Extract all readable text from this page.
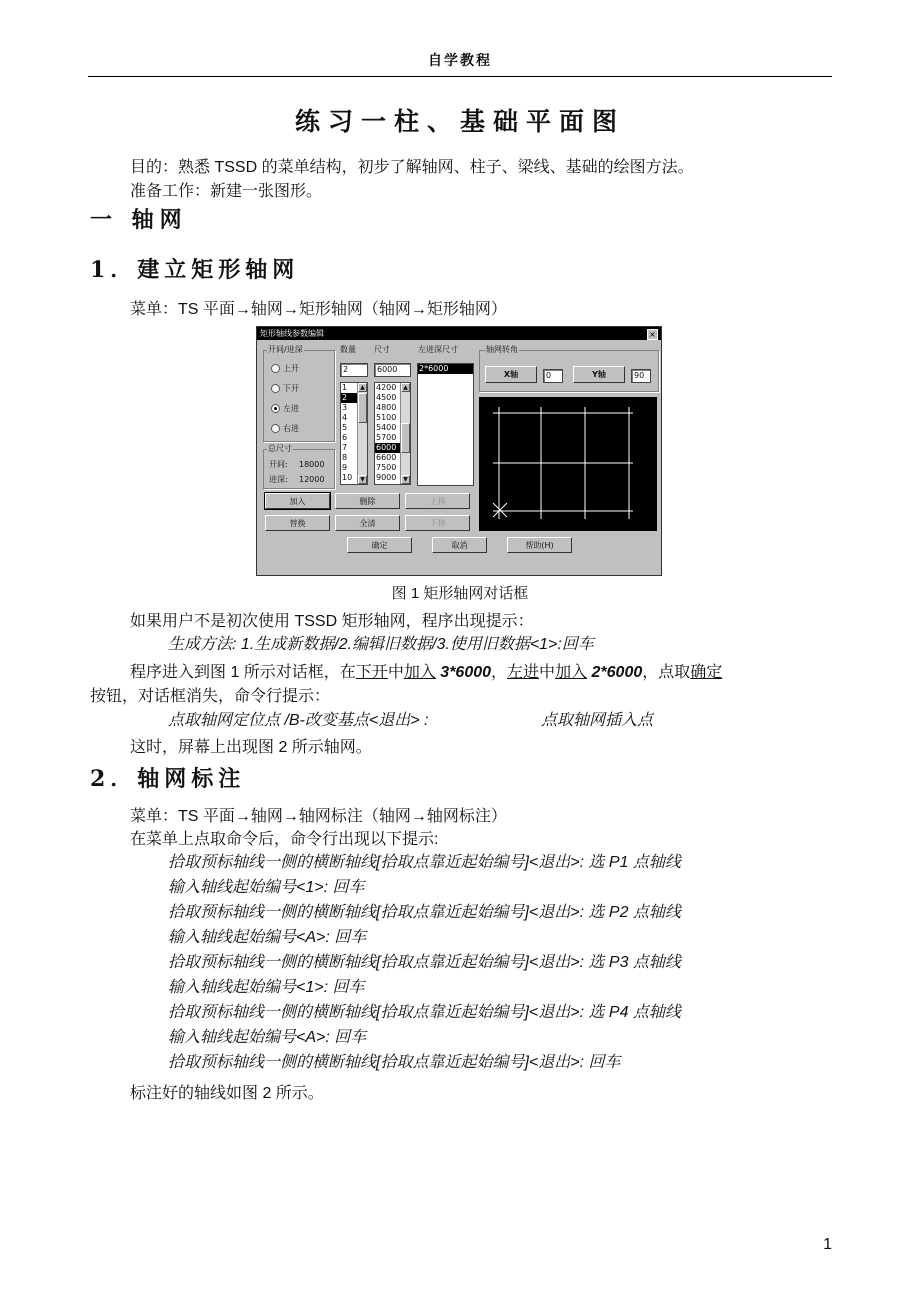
自学教程
练习一柱、基础平面图
目的：熟悉 TSSD 的菜单结构，初步了解轴网、柱子、梁线、基础的绘图方法。
准备工作：新建一张图形。
一 轴网
1．建立矩形轴网
菜单：TS 平面→轴网→矩形轴网（轴网→矩形轴网）
矩形轴线参数编辑	×
开间/进深
上开
下开
左进
右进
总尺寸
开间: 18000
进深: 12000
数量 尺寸	左进深尺寸
2	6000
1
2
3
4
5
6
7
8
9
10
▲
▼
4200
4500
4800
5100
5400
5700
6000
6600
7500
9000
▲
▼
2*6000
轴网转角
X轴	0	Y轴	90
加入	删除	上移
替换	全清	下移
确定	取消	帮助(H)
图 1 矩形轴网对话框
如果用户不是初次使用 TSSD 矩形轴网，程序出现提示：
生成方法: 1.生成新数据/2.编辑旧数据/3.使用旧数据<1>:回车
程序进入到图 1 所示对话框，在下开中加入 3*6000，左进中加入 2*6000，点取确定
按钮，对话框消失，命令行提示：
点取轴网定位点 /B-改变基点<退出> :	点取轴网插入点
这时，屏幕上出现图 2 所示轴网。
2．轴网标注
菜单：TS 平面→轴网→轴网标注（轴网→轴网标注）
在菜单上点取命令后，命令行出现以下提示:
拾取预标轴线一侧的横断轴线[拾取点靠近起始编号]<退出>: 选 P1 点轴线
输入轴线起始编号<1>: 回车
拾取预标轴线一侧的横断轴线[拾取点靠近起始编号]<退出>: 选 P2 点轴线
输入轴线起始编号<A>: 回车
拾取预标轴线一侧的横断轴线[拾取点靠近起始编号]<退出>: 选 P3 点轴线
输入轴线起始编号<1>: 回车
拾取预标轴线一侧的横断轴线[拾取点靠近起始编号]<退出>: 选 P4 点轴线
输入轴线起始编号<A>: 回车
拾取预标轴线一侧的横断轴线[拾取点靠近起始编号]<退出>: 回车
标注好的轴线如图 2 所示。
1
